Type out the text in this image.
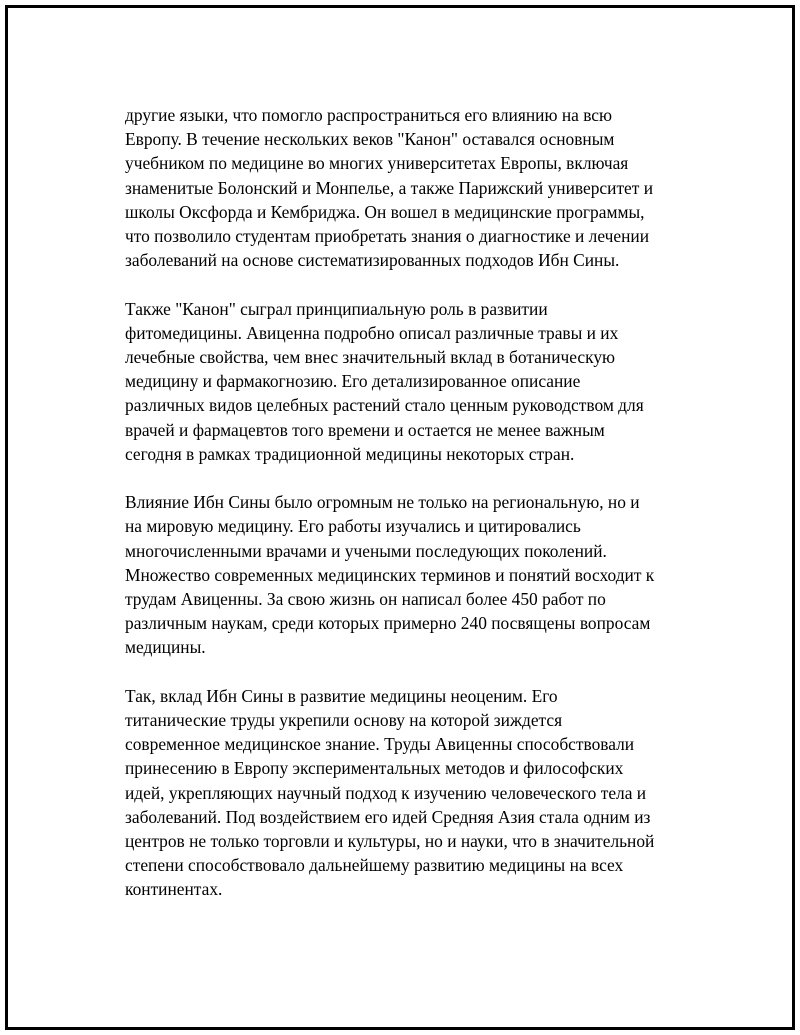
другие языки, что помогло распространиться его влиянию на всю
Европу. В течение нескольких веков "Канон" оставался основным
учебником по медицине во многих университетах Европы, включая
знаменитые Болонский и Монпелье, а также Парижский университет и
школы Оксфорда и Кембриджа. Он вошел в медицинские программы,
что позволило студентам приобретать знания о диагностике и лечении
заболеваний на основе систематизированных подходов Ибн Сины.

Также "Канон" сыграл принципиальную роль в развитии
фитомедицины. Авиценна подробно описал различные травы и их
лечебные свойства, чем внес значительный вклад в ботаническую
медицину и фармакогнозию. Его детализированное описание
различных видов целебных растений стало ценным руководством для
врачей и фармацевтов того времени и остается не менее важным
сегодня в рамках традиционной медицины некоторых стран.

Влияние Ибн Сины было огромным не только на региональную, но и
на мировую медицину. Его работы изучались и цитировались
многочисленными врачами и учеными последующих поколений.
Множество современных медицинских терминов и понятий восходит к
трудам Авиценны. За свою жизнь он написал более 450 работ по
различным наукам, среди которых примерно 240 посвящены вопросам
медицины.

Так, вклад Ибн Сины в развитие медицины неоценим. Его
титанические труды укрепили основу на которой зиждется
современное медицинское знание. Труды Авиценны способствовали
принесению в Европу экспериментальных методов и философских
идей, укрепляющих научный подход к изучению человеческого тела и
заболеваний. Под воздействием его идей Средняя Азия стала одним из
центров не только торговли и культуры, но и науки, что в значительной
степени способствовало дальнейшему развитию медицины на всех
континентах.
